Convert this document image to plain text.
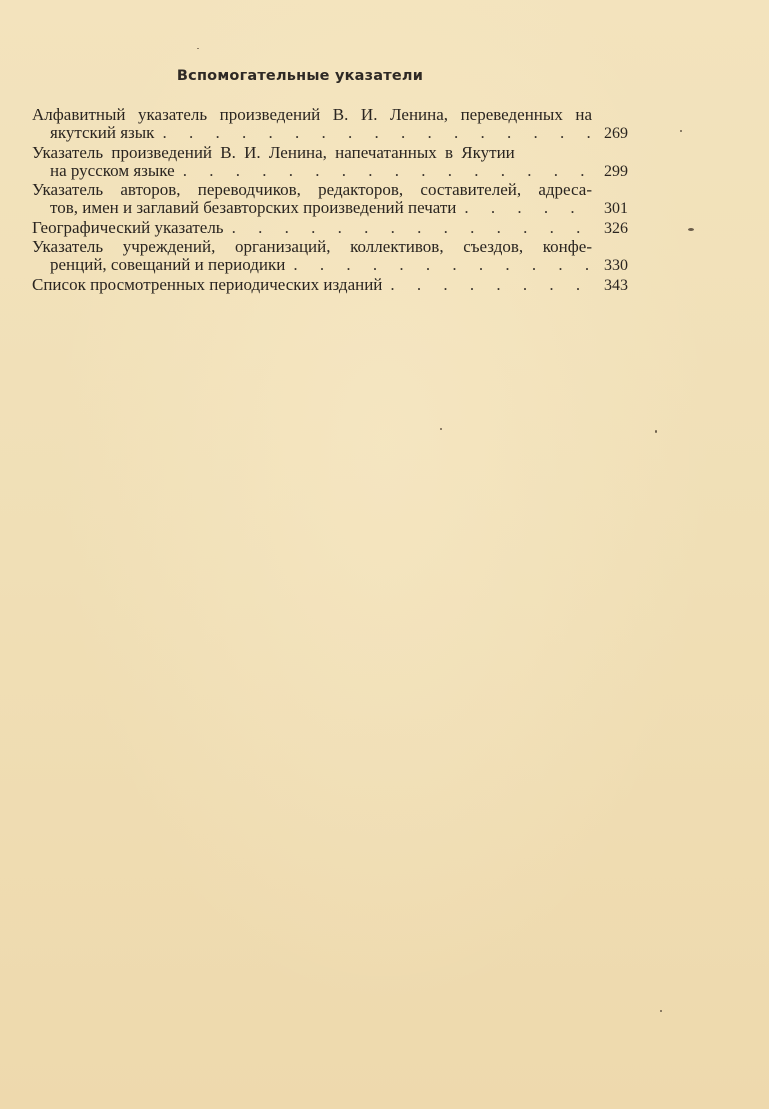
Вспомогательные указатели
Алфавитный указатель произведений В. И. Ленина, переведенных на
якутский язык . . .	269
Указатель произведений В. И. Ленина, напечатанных в Якутии
на русском языке . . .	299
Указатель авторов, переводчиков, редакторов, составителей, адреса-
тов, имен и заглавий безавторских произведений печати . . .	301
Географический указатель . . .	326
Указатель учреждений, организаций, коллективов, съездов, конфе-
ренций, совещаний и периодики . . .	330
Список просмотренных периодических изданий . . .	343
